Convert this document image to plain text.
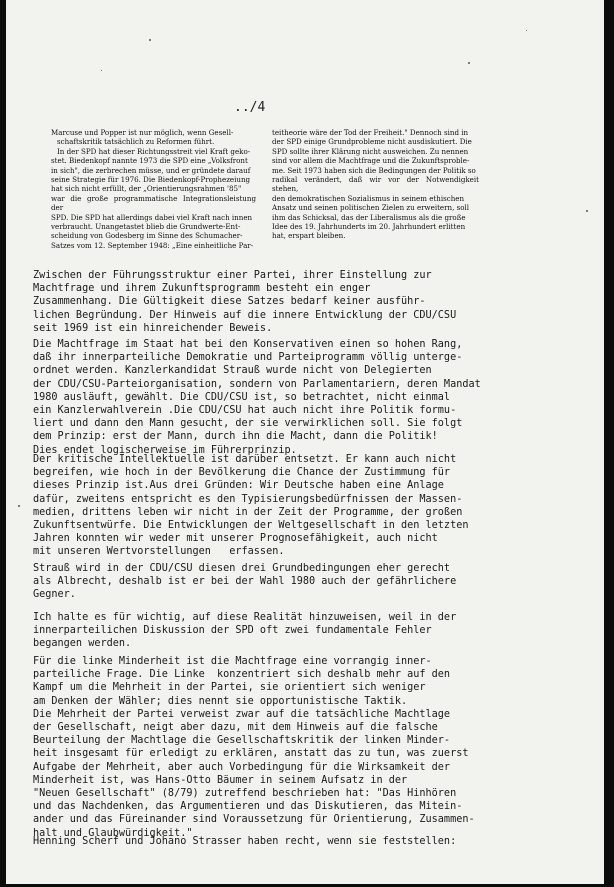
../4

Marcuse und Popper ist nur möglich, wenn Gesell-

schaftskritik tatsächlich zu Reformen führt.

In der SPD hat dieser Richtungsstreit viel Kraft geko-

stet. Biedenkopf nannte 1973 die SPD eine „Volksfront

in sich", die zerbrechen müsse, und er gründete darauf

seine Strategie für 1976. Die Biedenkopf-Prophezeiung

hat sich nicht erfüllt, der „Orientierungsrahmen '85"

war die große programmatische Integrationsleistung der

SPD. Die SPD hat allerdings dabei viel Kraft nach innen

verbraucht. Unangetastet blieb die Grundwerte-Ent-

scheidung von Godesberg im Sinne des Schumacher-

Satzes vom 12. September 1948: „Eine einheitliche Par-

teitheorie wäre der Tod der Freiheit." Dennoch sind in

der SPD einige Grundprobleme nicht ausdiskutiert. Die

SPD sollte ihrer Klärung nicht ausweichen. Zu nennen

sind vor allem die Machtfrage und die Zukunftsproble-

me. Seit 1973 haben sich die Bedingungen der Politik so

radikal verändert, daß wir vor der Notwendigkeit stehen,

den demokratischen Sozialismus in seinem ethischen

Ansatz und seinen politischen Zielen zu erweitern, soll

ihm das Schicksal, das der Liberalismus als die große

Idee des 19. Jahrhunderts im 20. Jahrhundert erlitten

hat, erspart bleiben.

Zwischen der Führungsstruktur einer Partei, ihrer Einstellung zur
Machtfrage und ihrem Zukunftsprogramm besteht ein enger
Zusammenhang. Die Gültigkeit diese Satzes bedarf keiner ausführ-
lichen Begründung. Der Hinweis auf die innere Entwicklung der CDU/CSU
seit 1969 ist ein hinreichender Beweis.
Die Machtfrage im Staat hat bei den Konservativen einen so hohen Rang,
daß ihr innerparteiliche Demokratie und Parteiprogramm völlig unterge-
ordnet werden. Kanzlerkandidat Strauß wurde nicht von Delegierten
der CDU/CSU-Parteiorganisation, sondern von Parlamentariern, deren Mandat
1980 ausläuft, gewählt. Die CDU/CSU ist, so betrachtet, nicht einmal
ein Kanzlerwahlverein .Die CDU/CSU hat auch nicht ihre Politik formu-
liert und dann den Mann gesucht, der sie verwirklichen soll. Sie folgt
dem Prinzip: erst der Mann, durch ihn die Macht, dann die Politik!
Dies endet logischerweise im Führerprinzip.
Der kritische Intellektuelle ist darüber entsetzt. Er kann auch nicht
begreifen, wie hoch in der Bevölkerung die Chance der Zustimmung für
dieses Prinzip ist.Aus drei Gründen: Wir Deutsche haben eine Anlage
dafür, zweitens entspricht es den Typisierungsbedürfnissen der Massen-
medien, drittens leben wir nicht in der Zeit der Programme, der großen
Zukunftsentwürfe. Die Entwicklungen der Weltgesellschaft in den letzten
Jahren konnten wir weder mit unserer Prognosefähigkeit, auch nicht
mit unseren Wertvorstellungen   erfassen.
Strauß wird in der CDU/CSU diesen drei Grundbedingungen eher gerecht
als Albrecht, deshalb ist er bei der Wahl 1980 auch der gefährlichere
Gegner.
Ich halte es für wichtig, auf diese Realität hinzuweisen, weil in der
innerparteilichen Diskussion der SPD oft zwei fundamentale Fehler
begangen werden.
Für die linke Minderheit ist die Machtfrage eine vorrangig inner-
parteiliche Frage. Die Linke  konzentriert sich deshalb mehr auf den
Kampf um die Mehrheit in der Partei, sie orientiert sich weniger
am Denken der Wähler; dies nennt sie opportunistische Taktik.
Die Mehrheit der Partei verweist zwar auf die tatsächliche Machtlage
der Gesellschaft, neigt aber dazu, mit dem Hinweis auf die falsche
Beurteilung der Machtlage die Gesellschaftskritik der linken Minder-
heit insgesamt für erledigt zu erklären, anstatt das zu tun, was zuerst
Aufgabe der Mehrheit, aber auch Vorbedingung für die Wirksamkeit der
Minderheit ist, was Hans-Otto Bäumer in seinem Aufsatz in der
"Neuen Gesellschaft" (8/79) zutreffend beschrieben hat: "Das Hinhören
und das Nachdenken, das Argumentieren und das Diskutieren, das Mitein-
ander und das Füreinander sind Voraussetzung für Orientierung, Zusammen-
halt und Glaubwürdigkeit."
Henning Scherf und Johano Strasser haben recht, wenn sie feststellen:
